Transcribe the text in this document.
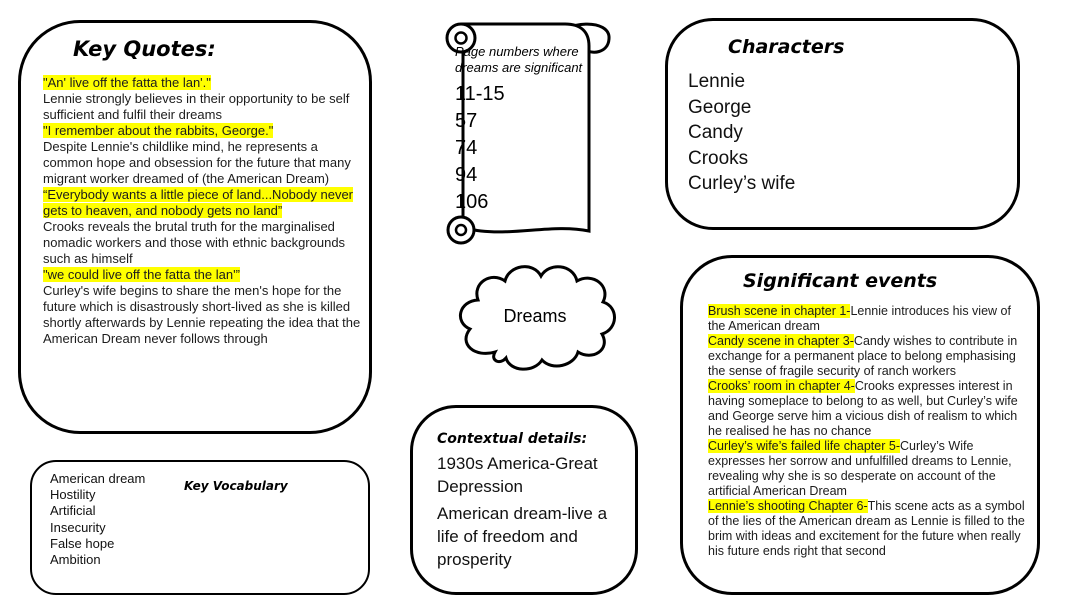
Key Quotes:
"An' live off the fatta the lan'."
Lennie strongly believes in their opportunity to be self sufficient and fulfil their dreams
"I remember about the rabbits, George."
Despite Lennie's childlike mind, he represents a common hope and obsession for the future that many migrant worker dreamed of (the American Dream)
“Everybody wants a little piece of land...Nobody never gets to heaven, and nobody gets no land”
Crooks reveals the brutal truth for the marginalised nomadic workers and those with ethnic backgrounds such as himself
"we could live off the fatta the lan'”
Curley's wife begins to share the men's hope for the future which is disastrously short-lived as she is killed shortly afterwards by Lennie repeating the idea that the American Dream never follows through
Page numbers where dreams are significant
11-15
57
74
94
106
Characters
Lennie
George
Candy
Crooks
Curley’s wife
Dreams
Significant events
Brush scene in chapter 1-Lennie introduces his view of the American dream
Candy scene in chapter 3-Candy wishes to contribute in exchange for a permanent place to belong emphasising the sense of fragile security of ranch workers
Crooks’ room in chapter 4-Crooks expresses interest in having someplace to belong to as well, but Curley’s wife and George serve him a vicious dish of realism to which he realised he has no chance
Curley’s wife’s failed life chapter 5-Curley’s Wife expresses her sorrow and unfulfilled dreams to Lennie, revealing why she is so desperate on account of the artificial American Dream
Lennie’s shooting Chapter 6-This scene acts as a symbol of the lies of the American dream as Lennie is filled to the brim with ideas and excitement for the future when really his future ends right that second
American dream
Hostility
Artificial
Insecurity
False hope
Ambition
Key Vocabulary
Contextual details:
1930s America-Great Depression
American dream-live a life of freedom and prosperity
